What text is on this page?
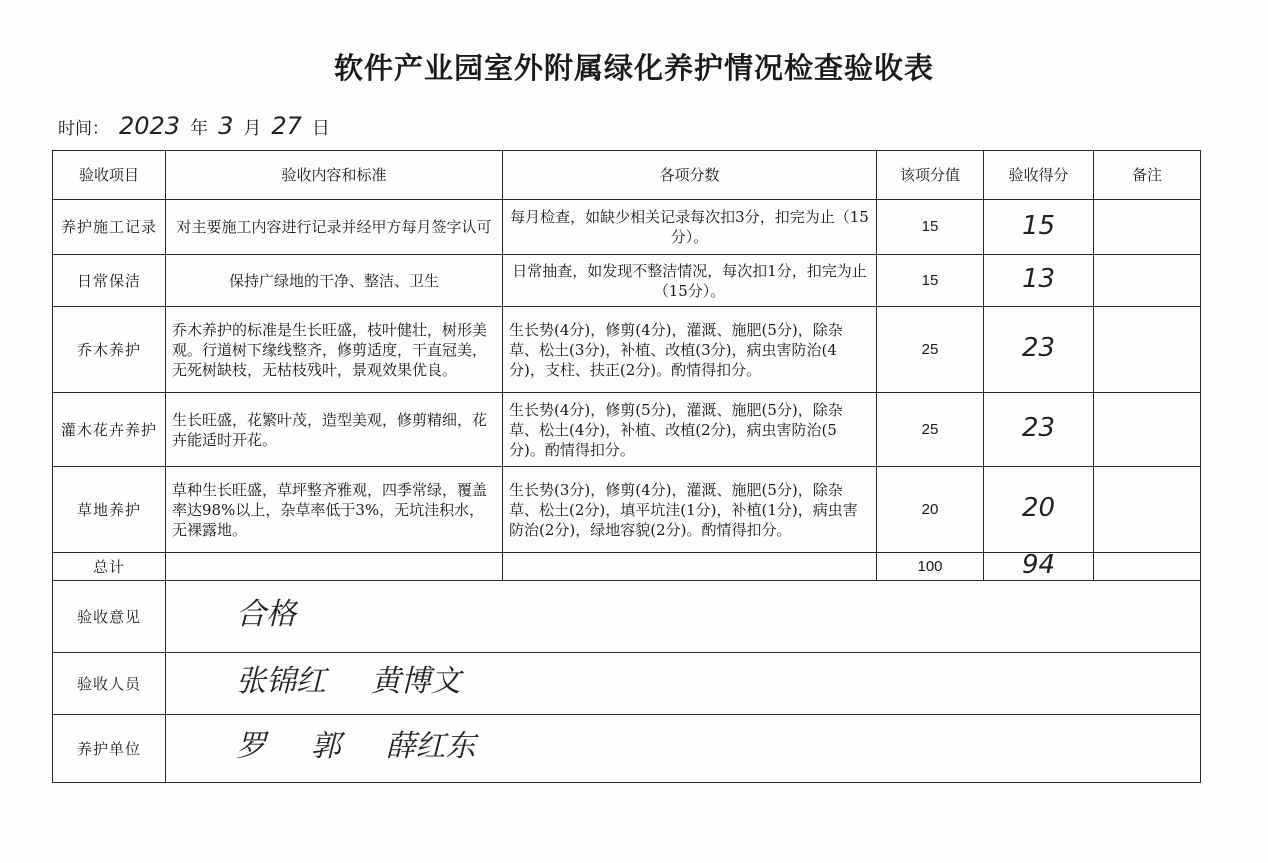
软件产业园室外附属绿化养护情况检查验收表
时间： 2023 年 3 月 27 日
验收项目	验收内容和标准	各项分数	该项分值	验收得分	备注
养护施工记录	对主要施工内容进行记录并经甲方每月签字认可	每月检查，如缺少相关记录每次扣3分，扣完为止（15分）。	15	15	
日常保洁	保持广绿地的干净、整洁、卫生	日常抽查，如发现不整洁情况，每次扣1分，扣完为止（15分）。	15	13	
乔木养护	乔木养护的标准是生长旺盛，枝叶健壮，树形美观。行道树下缘线整齐，修剪适度，干直冠美，无死树缺枝，无枯枝残叶，景观效果优良。	生长势(4分)，修剪(4分)，灌溉、施肥(5分)，除杂草、松土(3分)，补植、改植(3分)，病虫害防治(4分)，支柱、扶正(2分)。酌情得扣分。	25	23	
灌木花卉养护	生长旺盛，花繁叶茂，造型美观，修剪精细，花卉能适时开花。	生长势(4分)，修剪(5分)，灌溉、施肥(5分)，除杂草、松土(4分)，补植、改植(2分)，病虫害防治(5分)。酌情得扣分。	25	23	
草地养护	草种生长旺盛，草坪整齐雅观，四季常绿，覆盖率达98%以上，杂草率低于3%，无坑洼积水，无裸露地。	生长势(3分)，修剪(4分)，灌溉、施肥(5分)，除杂草、松土(2分)，填平坑洼(1分)，补植(1分)，病虫害防治(2分)，绿地容貌(2分)。酌情得扣分。	20	20	
总计			100	94	
验收意见	合格				
验收人员	张锦红 黄博文				
养护单位	罗 郭 薛红东				
